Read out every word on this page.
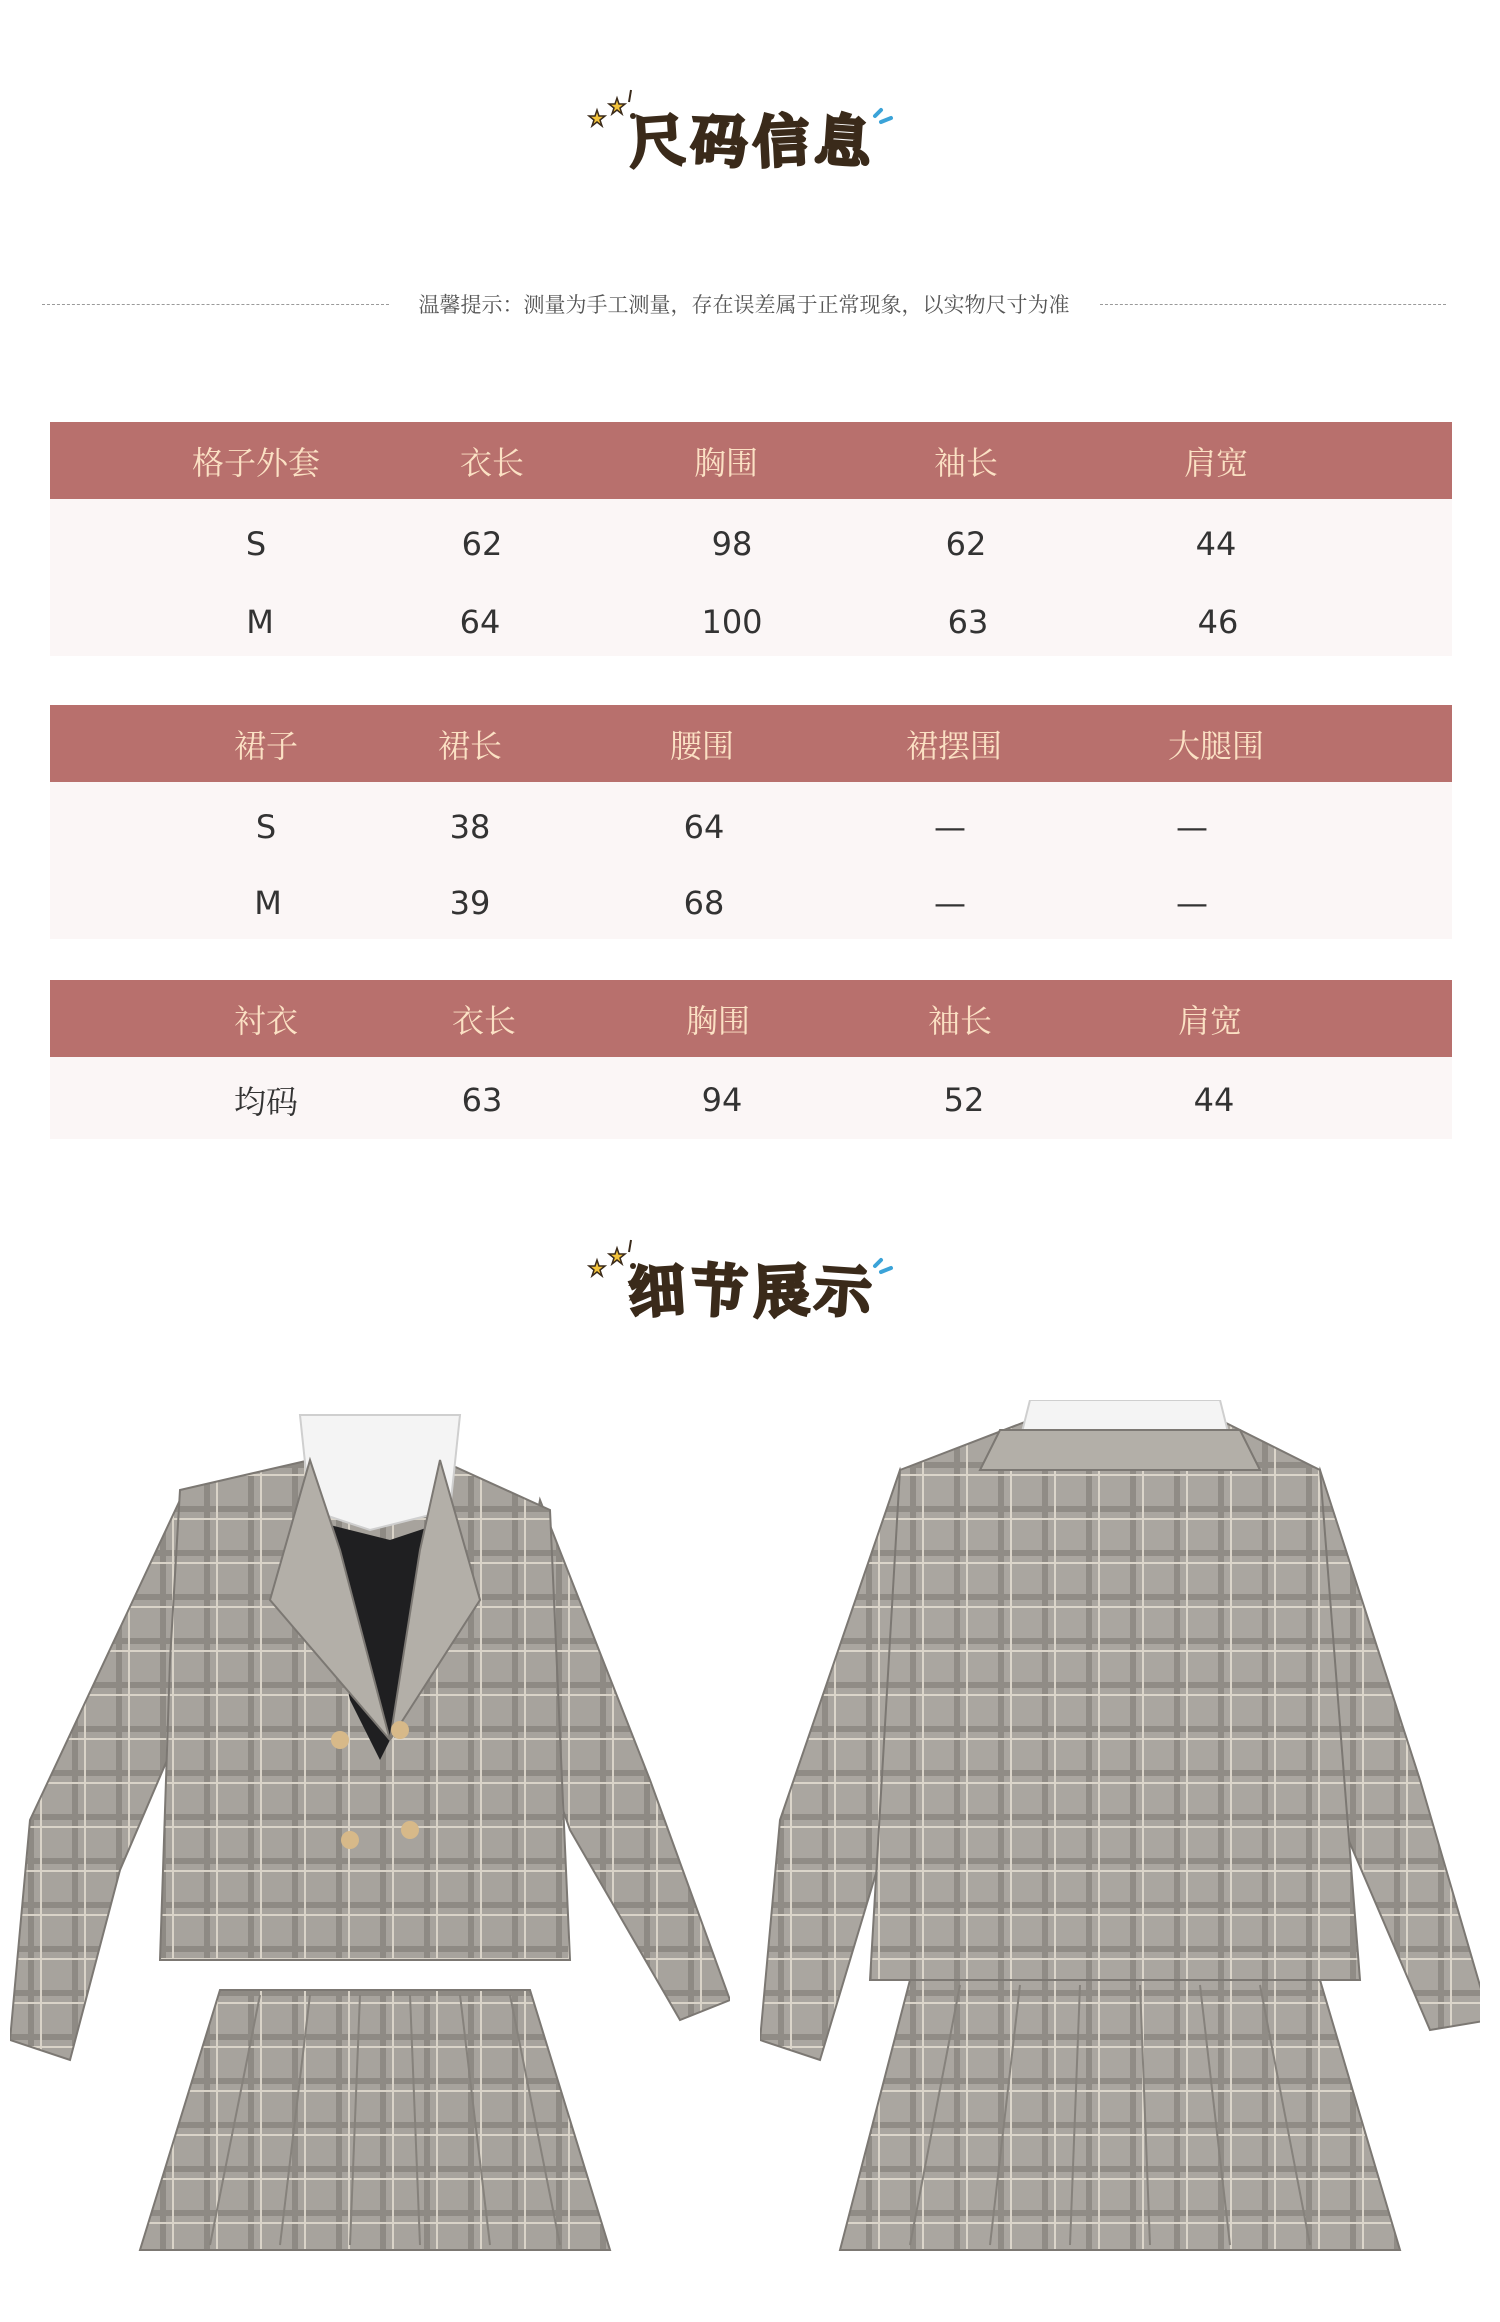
尺 码 信 息
温馨提示：测量为手工测量，存在误差属于正常现象，以实物尺寸为准
格子外套	衣长	胸围	袖长	肩宽
S	62	98	62	44
M	64	100	63	46
裙子	裙长	腰围	裙摆围	大腿围
S	38	64	—	—
M	39	68	—	—
衬衣	衣长	胸围	袖长	肩宽
均码	63	94	52	44
细 节 展 示
